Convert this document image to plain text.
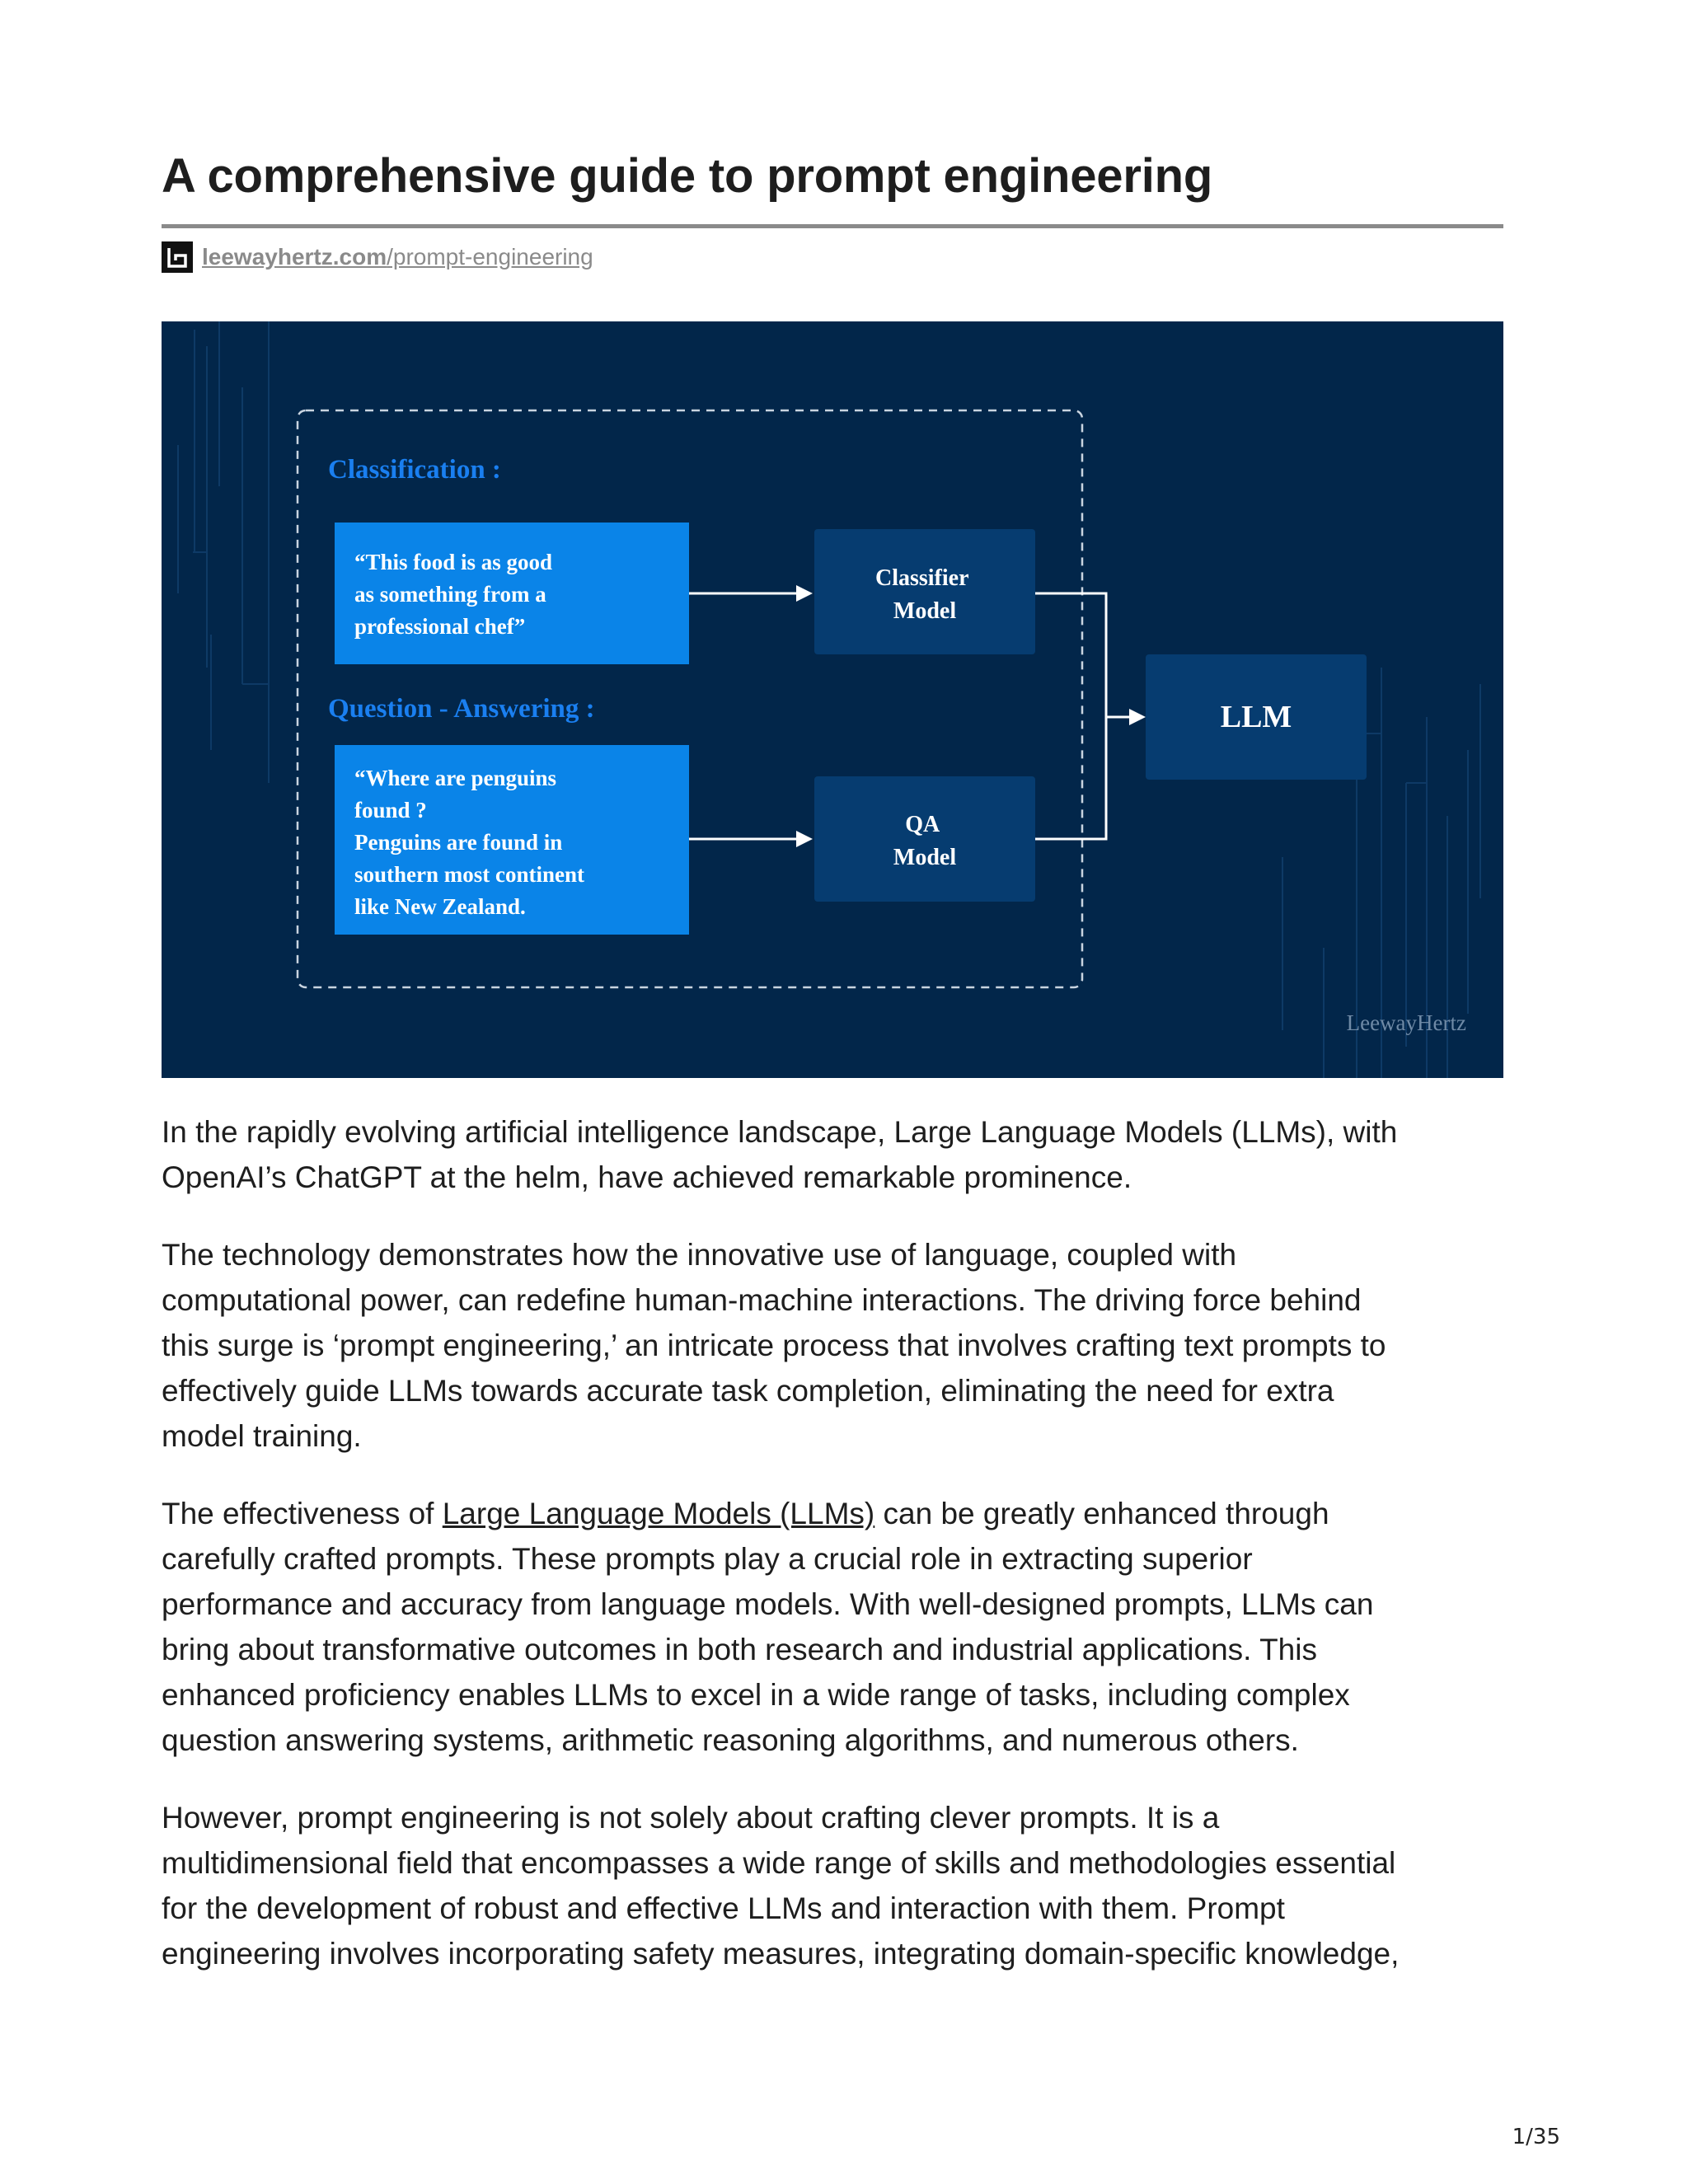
A comprehensive guide to prompt engineering
leewayhertz.com/prompt-engineering
Classification :
Question - Answering :
“This food is as good as something from a professional chef”
“Where are penguins found ? Penguins are found in southern most continent like New Zealand.
Classifier Model
QA Model
LLM
LeewayHertz

In the rapidly evolving artificial intelligence landscape, Large Language Models (LLMs), with
OpenAI’s ChatGPT at the helm, have achieved remarkable prominence.

The technology demonstrates how the innovative use of language, coupled with
computational power, can redefine human-machine interactions. The driving force behind
this surge is ‘prompt engineering,’ an intricate process that involves crafting text prompts to
effectively guide LLMs towards accurate task completion, eliminating the need for extra
model training.

The effectiveness of Large Language Models (LLMs) can be greatly enhanced through
carefully crafted prompts. These prompts play a crucial role in extracting superior
performance and accuracy from language models. With well-designed prompts, LLMs can
bring about transformative outcomes in both research and industrial applications. This
enhanced proficiency enables LLMs to excel in a wide range of tasks, including complex
question answering systems, arithmetic reasoning algorithms, and numerous others.

However, prompt engineering is not solely about crafting clever prompts. It is a
multidimensional field that encompasses a wide range of skills and methodologies essential
for the development of robust and effective LLMs and interaction with them. Prompt
engineering involves incorporating safety measures, integrating domain-specific knowledge,

1/35
